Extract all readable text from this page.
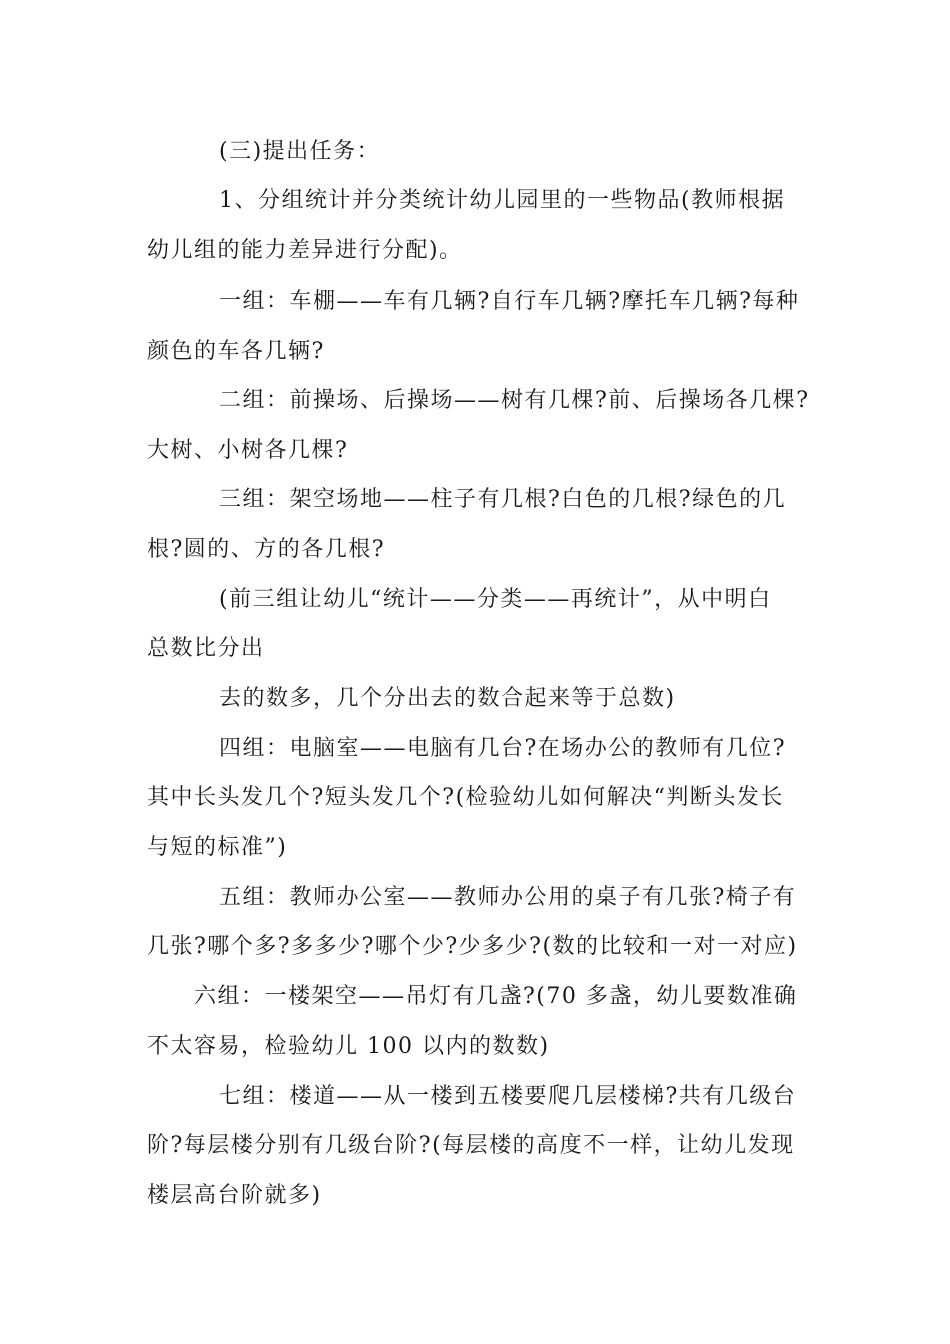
(三)提出任务：
1、分组统计并分类统计幼儿园里的一些物品(教师根据
幼儿组的能力差异进行分配)。
一组：车棚——车有几辆?自行车几辆?摩托车几辆?每种
颜色的车各几辆?
二组：前操场、后操场——树有几棵?前、后操场各几棵?
大树、小树各几棵?
三组：架空场地——柱子有几根?白色的几根?绿色的几
根?圆的、方的各几根?
(前三组让幼儿“统计——分类——再统计”，从中明白
总数比分出
去的数多，几个分出去的数合起来等于总数)
四组：电脑室——电脑有几台?在场办公的教师有几位?
其中长头发几个?短头发几个?(检验幼儿如何解决“判断头发长
与短的标准”)
五组：教师办公室——教师办公用的桌子有几张?椅子有
几张?哪个多?多多少?哪个少?少多少?(数的比较和一对一对应)
六组：一楼架空——吊灯有几盏?(70 多盏，幼儿要数准确
不太容易，检验幼儿 100 以内的数数)
七组：楼道——从一楼到五楼要爬几层楼梯?共有几级台
阶?每层楼分别有几级台阶?(每层楼的高度不一样，让幼儿发现
楼层高台阶就多)
